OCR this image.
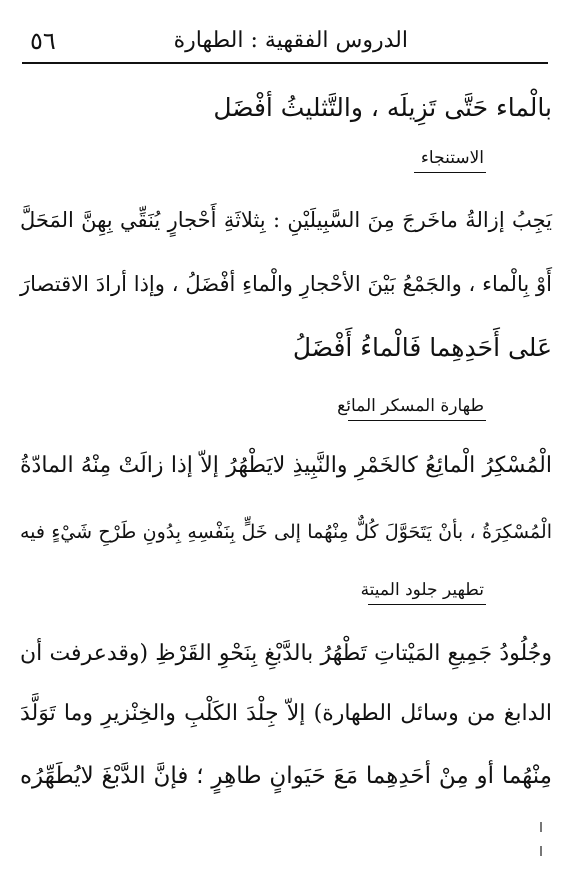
٥٦	الدروس الفقهية : الطهارة
بالْماء حَتَّى تَزِيلَه ، والتَّثليثُ أفْضَل
الاستنجاء
يَجِبُ إزالةُ ماخَرجَ مِنَ السَّبِيلَيْنِ : بِثلاثَةِ أَحْجارٍ يُنَقِّي بِهِنَّ المَحَلَّ
أَوْ بِالْماء ، والجَمْعُ بَيْنَ الأحْجارِ والْماءِ أفْضَلُ ، وإذا أرادَ الاقتصارَ
عَلى أَحَدِهِما فَالْماءُ أَفْضَلُ
طهارة المسكر المائع
الْمُسْكِرُ الْمائِعُ كالخَمْرِ والنَّبِيذِ لايَطْهُرُ إلاّ إذا زالَتْ مِنْهُ المادّةُ
الْمُسْكِرَةُ ، بأنْ يَتَحَوَّلَ كُلٌّ مِنْهُما إلى خَلٍّ بِنَفْسِهِ بِدُونِ طَرْحِ شَيْءٍ فيه
تطهير جلود الميتة
وجُلُودُ جَمِيعِ المَيْتاتِ تَطْهُرُ بالدَّبْغِ بِنَحْوِ القَرْظِ (وقدعرفت أن
الدابغ من وسائل الطهارة) إلاّ جِلْدَ الكَلْبِ والخِنْزيرِ وما تَوَلَّدَ
مِنْهُما أو مِنْ أحَدِهِما مَعَ حَيَوانٍ طاهِرٍ ؛ فإنَّ الدَّبْغَ لايُطَهِّرُه
